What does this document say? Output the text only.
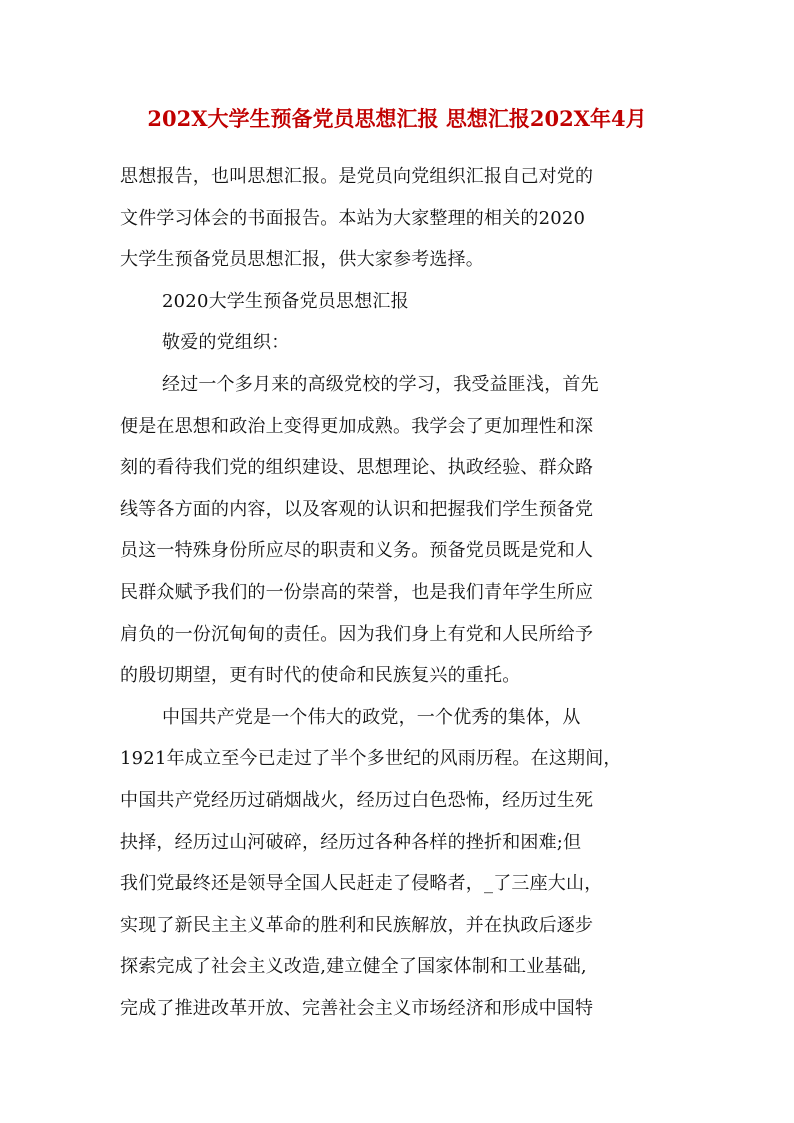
202X大学生预备党员思想汇报 思想汇报202X年4月
思想报告，也叫思想汇报。是党员向党组织汇报自己对党的
文件学习体会的书面报告。本站为大家整理的相关的2020
大学生预备党员思想汇报，供大家参考选择。
2020大学生预备党员思想汇报
敬爱的党组织：
经过一个多月来的高级党校的学习，我受益匪浅，首先
便是在思想和政治上变得更加成熟。我学会了更加理性和深
刻的看待我们党的组织建设、思想理论、执政经验、群众路
线等各方面的内容，以及客观的认识和把握我们学生预备党
员这一特殊身份所应尽的职责和义务。预备党员既是党和人
民群众赋予我们的一份崇高的荣誉，也是我们青年学生所应
肩负的一份沉甸甸的责任。因为我们身上有党和人民所给予
的殷切期望，更有时代的使命和民族复兴的重托。
中国共产党是一个伟大的政党，一个优秀的集体，从
1921年成立至今已走过了半个多世纪的风雨历程。在这期间，
中国共产党经历过硝烟战火，经历过白色恐怖，经历过生死
抉择，经历过山河破碎，经历过各种各样的挫折和困难;但
我们党最终还是领导全国人民赶走了侵略者，_了三座大山，
实现了新民主主义革命的胜利和民族解放，并在执政后逐步
探索完成了社会主义改造,建立健全了国家体制和工业基础,
完成了推进改革开放、完善社会主义市场经济和形成中国特
